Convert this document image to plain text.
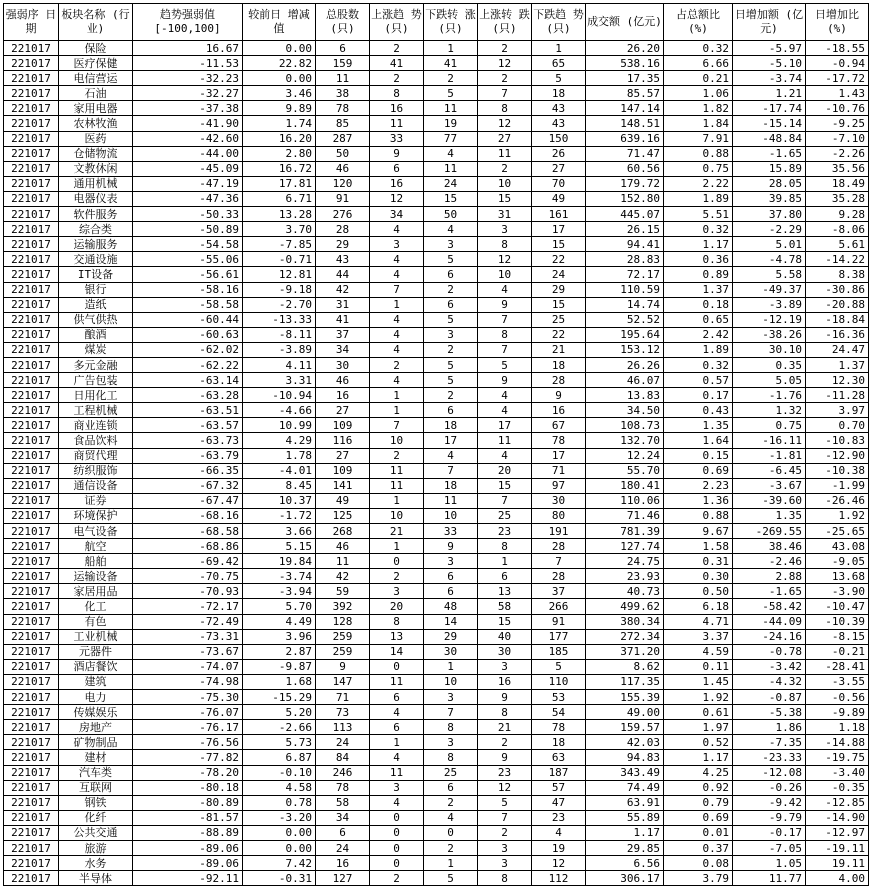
强弱序 日 期	板块名称 (行业)	趋势强弱值 [-100,100]	较前日 增减值	总股数 (只)	上涨趋 势(只)	下跌转 涨(只)	上涨转 跌(只)	下跌趋 势(只)	成交额 (亿元)	占总额比 (%)	日增加额 (亿元)	日增加比 (%)
221017	保险	16.67	0.00	6	2	1	2	1	26.20	0.32	-5.97	-18.55
221017	医疗保健	-11.53	22.82	159	41	41	12	65	538.16	6.66	-5.10	-0.94
221017	电信营运	-32.23	0.00	11	2	2	2	5	17.35	0.21	-3.74	-17.72
221017	石油	-32.27	3.46	38	8	5	7	18	85.57	1.06	1.21	1.43
221017	家用电器	-37.38	9.89	78	16	11	8	43	147.14	1.82	-17.74	-10.76
221017	农林牧渔	-41.90	1.74	85	11	19	12	43	148.51	1.84	-15.14	-9.25
221017	医药	-42.60	16.20	287	33	77	27	150	639.16	7.91	-48.84	-7.10
221017	仓储物流	-44.00	2.80	50	9	4	11	26	71.47	0.88	-1.65	-2.26
221017	文教休闲	-45.09	16.72	46	6	11	2	27	60.56	0.75	15.89	35.56
221017	通用机械	-47.19	17.81	120	16	24	10	70	179.72	2.22	28.05	18.49
221017	电器仪表	-47.36	6.71	91	12	15	15	49	152.80	1.89	39.85	35.28
221017	软件服务	-50.33	13.28	276	34	50	31	161	445.07	5.51	37.80	9.28
221017	综合类	-50.89	3.70	28	4	4	3	17	26.15	0.32	-2.29	-8.06
221017	运输服务	-54.58	-7.85	29	3	3	8	15	94.41	1.17	5.01	5.61
221017	交通设施	-55.06	-0.71	43	4	5	12	22	28.83	0.36	-4.78	-14.22
221017	IT设备	-56.61	12.81	44	4	6	10	24	72.17	0.89	5.58	8.38
221017	银行	-58.16	-9.18	42	7	2	4	29	110.59	1.37	-49.37	-30.86
221017	造纸	-58.58	-2.70	31	1	6	9	15	14.74	0.18	-3.89	-20.88
221017	供气供热	-60.44	-13.33	41	4	5	7	25	52.52	0.65	-12.19	-18.84
221017	酿酒	-60.63	-8.11	37	4	3	8	22	195.64	2.42	-38.26	-16.36
221017	煤炭	-62.02	-3.89	34	4	2	7	21	153.12	1.89	30.10	24.47
221017	多元金融	-62.22	4.11	30	2	5	5	18	26.26	0.32	0.35	1.37
221017	广告包装	-63.14	3.31	46	4	5	9	28	46.07	0.57	5.05	12.30
221017	日用化工	-63.28	-10.94	16	1	2	4	9	13.83	0.17	-1.76	-11.28
221017	工程机械	-63.51	-4.66	27	1	6	4	16	34.50	0.43	1.32	3.97
221017	商业连锁	-63.57	10.99	109	7	18	17	67	108.73	1.35	0.75	0.70
221017	食品饮料	-63.73	4.29	116	10	17	11	78	132.70	1.64	-16.11	-10.83
221017	商贸代理	-63.79	1.78	27	2	4	4	17	12.24	0.15	-1.81	-12.90
221017	纺织服饰	-66.35	-4.01	109	11	7	20	71	55.70	0.69	-6.45	-10.38
221017	通信设备	-67.32	8.45	141	11	18	15	97	180.41	2.23	-3.67	-1.99
221017	证券	-67.47	10.37	49	1	11	7	30	110.06	1.36	-39.60	-26.46
221017	环境保护	-68.16	-1.72	125	10	10	25	80	71.46	0.88	1.35	1.92
221017	电气设备	-68.58	3.66	268	21	33	23	191	781.39	9.67	-269.55	-25.65
221017	航空	-68.86	5.15	46	1	9	8	28	127.74	1.58	38.46	43.08
221017	船舶	-69.42	19.84	11	0	3	1	7	24.75	0.31	-2.46	-9.05
221017	运输设备	-70.75	-3.74	42	2	6	6	28	23.93	0.30	2.88	13.68
221017	家居用品	-70.93	-3.94	59	3	6	13	37	40.73	0.50	-1.65	-3.90
221017	化工	-72.17	5.70	392	20	48	58	266	499.62	6.18	-58.42	-10.47
221017	有色	-72.49	4.49	128	8	14	15	91	380.34	4.71	-44.09	-10.39
221017	工业机械	-73.31	3.96	259	13	29	40	177	272.34	3.37	-24.16	-8.15
221017	元器件	-73.67	2.87	259	14	30	30	185	371.20	4.59	-0.78	-0.21
221017	酒店餐饮	-74.07	-9.87	9	0	1	3	5	8.62	0.11	-3.42	-28.41
221017	建筑	-74.98	1.68	147	11	10	16	110	117.35	1.45	-4.32	-3.55
221017	电力	-75.30	-15.29	71	6	3	9	53	155.39	1.92	-0.87	-0.56
221017	传媒娱乐	-76.07	5.20	73	4	7	8	54	49.00	0.61	-5.38	-9.89
221017	房地产	-76.17	-2.66	113	6	8	21	78	159.57	1.97	1.86	1.18
221017	矿物制品	-76.56	5.73	24	1	3	2	18	42.03	0.52	-7.35	-14.88
221017	建材	-77.82	6.87	84	4	8	9	63	94.83	1.17	-23.33	-19.75
221017	汽车类	-78.20	-0.10	246	11	25	23	187	343.49	4.25	-12.08	-3.40
221017	互联网	-80.18	4.58	78	3	6	12	57	74.49	0.92	-0.26	-0.35
221017	钢铁	-80.89	0.78	58	4	2	5	47	63.91	0.79	-9.42	-12.85
221017	化纤	-81.57	-3.20	34	0	4	7	23	55.89	0.69	-9.79	-14.90
221017	公共交通	-88.89	0.00	6	0	0	2	4	1.17	0.01	-0.17	-12.97
221017	旅游	-89.06	0.00	24	0	2	3	19	29.85	0.37	-7.05	-19.11
221017	水务	-89.06	7.42	16	0	1	3	12	6.56	0.08	1.05	19.11
221017	半导体	-92.11	-0.31	127	2	5	8	112	306.17	3.79	11.77	4.00
